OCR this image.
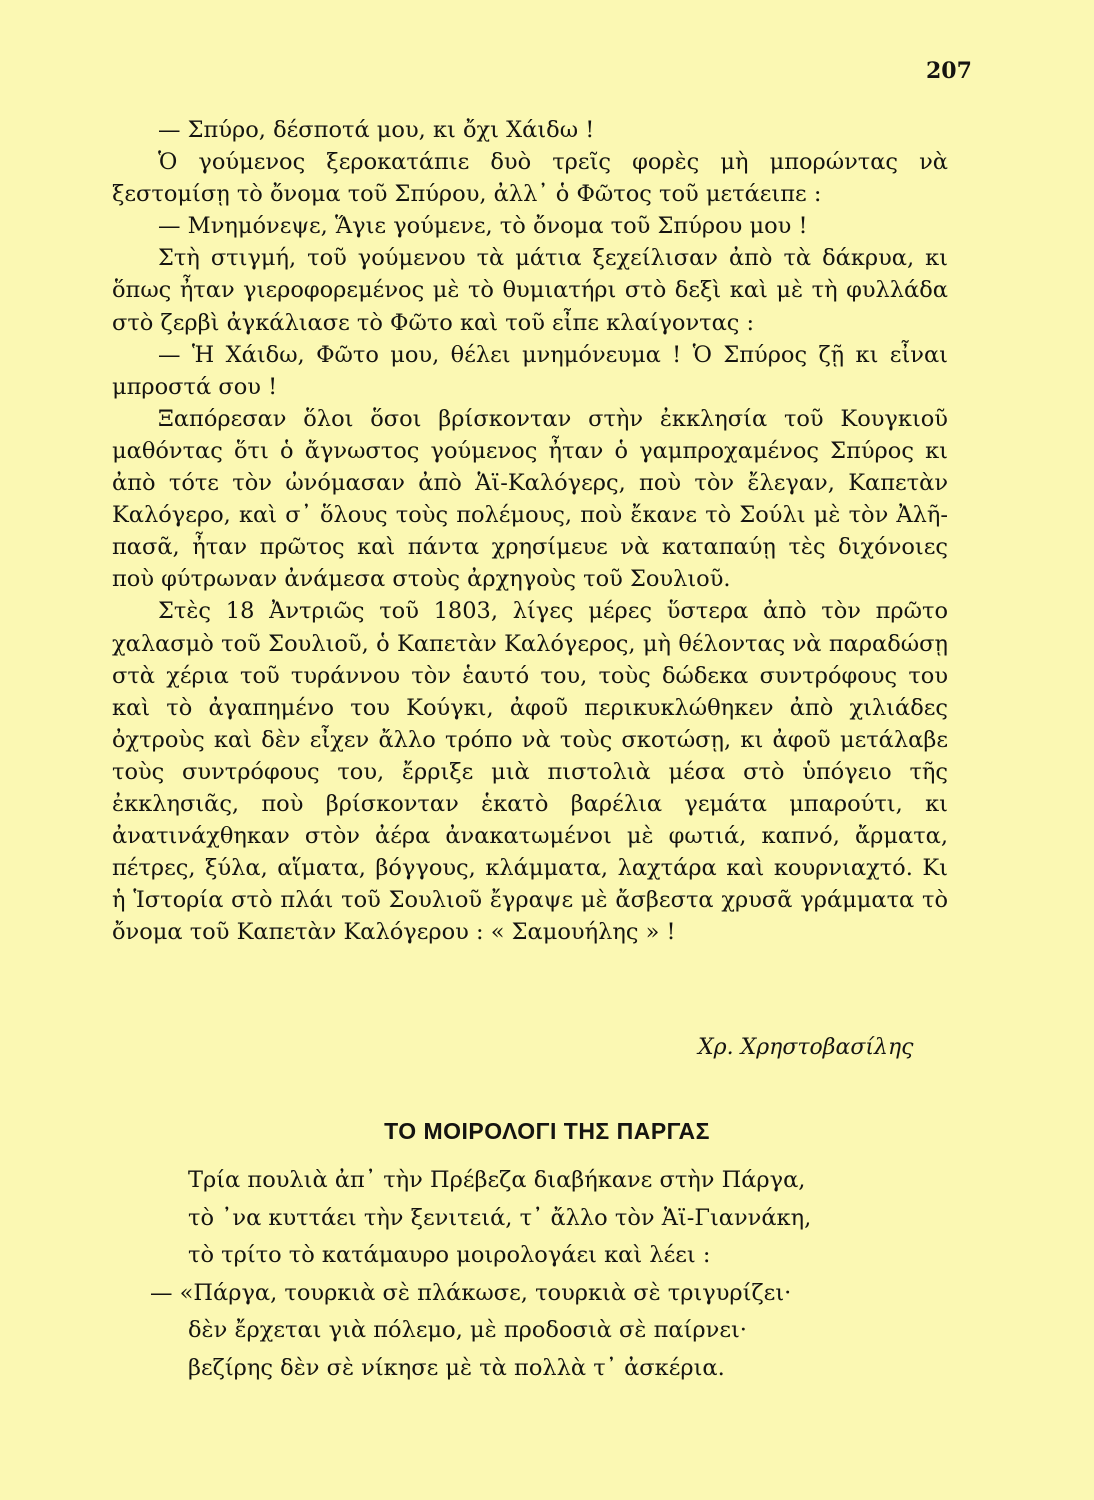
207

— Σπύρο, δέσποτά μου, κι ὄχι Χάιδω !

Ὁ γούμενος ξεροκατάπιε δυὸ τρεῖς φορὲς μὴ μπορώντας νὰ ξεστομίσῃ τὸ ὄνομα τοῦ Σπύρου, ἀλλ᾿ ὁ Φῶτος τοῦ μετάειπε :

— Μνημόνεψε, Ἅγιε γούμενε, τὸ ὄνομα τοῦ Σπύρου μου !

Στὴ στιγμή, τοῦ γούμενου τὰ μάτια ξεχείλισαν ἀπὸ τὰ δάκρυα, κι ὅπως ἦταν γιεροφορεμένος μὲ τὸ θυμιατήρι στὸ δεξὶ καὶ μὲ τὴ φυλλάδα στὸ ζερβὶ ἀγκάλιασε τὸ Φῶτο καὶ τοῦ εἶπε κλαίγοντας :

— Ἡ Χάιδω, Φῶτο μου, θέλει μνημόνευμα ! Ὁ Σπύρος ζῇ κι εἶναι μπροστά σου !

Ξαπόρεσαν ὅλοι ὅσοι βρίσκονταν στὴν ἐκκλησία τοῦ Κουγκιοῦ μαθόντας ὅτι ὁ ἄγνωστος γούμενος ἦταν ὁ γαμπροχαμένος Σπύρος κι ἀπὸ τότε τὸν ὠνόμασαν ἀπὸ Ἁϊ-Καλόγερς, ποὺ τὸν ἔλεγαν, Καπετὰν Καλόγερο, καὶ σ᾿ ὅλους τοὺς πολέμους, ποὺ ἔκανε τὸ Σούλι μὲ τὸν Ἀλῆ-πασᾶ, ἦταν πρῶτος καὶ πάντα χρησίμευε νὰ καταπαύῃ τὲς διχόνοιες ποὺ φύτρωναν ἀνάμεσα στοὺς ἀρχηγοὺς τοῦ Σουλιοῦ.

Στὲς 18 Ἀντριῶς τοῦ 1803, λίγες μέρες ὕστερα ἀπὸ τὸν πρῶτο χαλασμὸ τοῦ Σουλιοῦ, ὁ Καπετὰν Καλόγερος, μὴ θέλοντας νὰ παραδώσῃ στὰ χέρια τοῦ τυράννου τὸν ἑαυτό του, τοὺς δώδεκα συντρόφους του καὶ τὸ ἀγαπημένο του Κούγκι, ἀφοῦ περικυκλώθηκεν ἀπὸ χιλιάδες ὀχτροὺς καὶ δὲν εἶχεν ἄλλο τρόπο νὰ τοὺς σκοτώσῃ, κι ἀφοῦ μετάλαβε τοὺς συντρόφους του, ἔρριξε μιὰ πιστολιὰ μέσα στὸ ὑπόγειο τῆς ἐκκλησιᾶς, ποὺ βρίσκονταν ἑκατὸ βαρέλια γεμάτα μπαρούτι, κι ἀνατινάχθηκαν στὸν ἀέρα ἀνακατωμένοι μὲ φωτιά, καπνό, ἄρματα, πέτρες, ξύλα, αἵματα, βόγγους, κλάμματα, λαχτάρα καὶ κουρνιαχτό. Κι ἡ Ἱστορία στὸ πλάι τοῦ Σουλιοῦ ἔγραψε μὲ ἄσβεστα χρυσᾶ γράμματα τὸ ὄνομα τοῦ Καπετὰν Καλόγερου : « Σαμουήλης » !

Χρ. Χρηστοβασίλης
ΤΟ ΜΟΙΡΟΛΟΓΙ ΤΗΣ ΠΑΡΓΑΣ
Τρία πουλιὰ ἀπ᾿ τὴν Πρέβεζα διαβήκανε στὴν Πάργα,
τὸ ᾿να κυττάει τὴν ξενιτειά, τ᾿ ἄλλο τὸν Ἁϊ-Γιαννάκη,
τὸ τρίτο τὸ κατάμαυρο μοιρολογάει καὶ λέει :
— «Πάργα, τουρκιὰ σὲ πλάκωσε, τουρκιὰ σὲ τριγυρίζει·
δὲν ἔρχεται γιὰ πόλεμο, μὲ προδοσιὰ σὲ παίρνει·
βεζίρης δὲν σὲ νίκησε μὲ τὰ πολλὰ τ᾿ ἀσκέρια.
